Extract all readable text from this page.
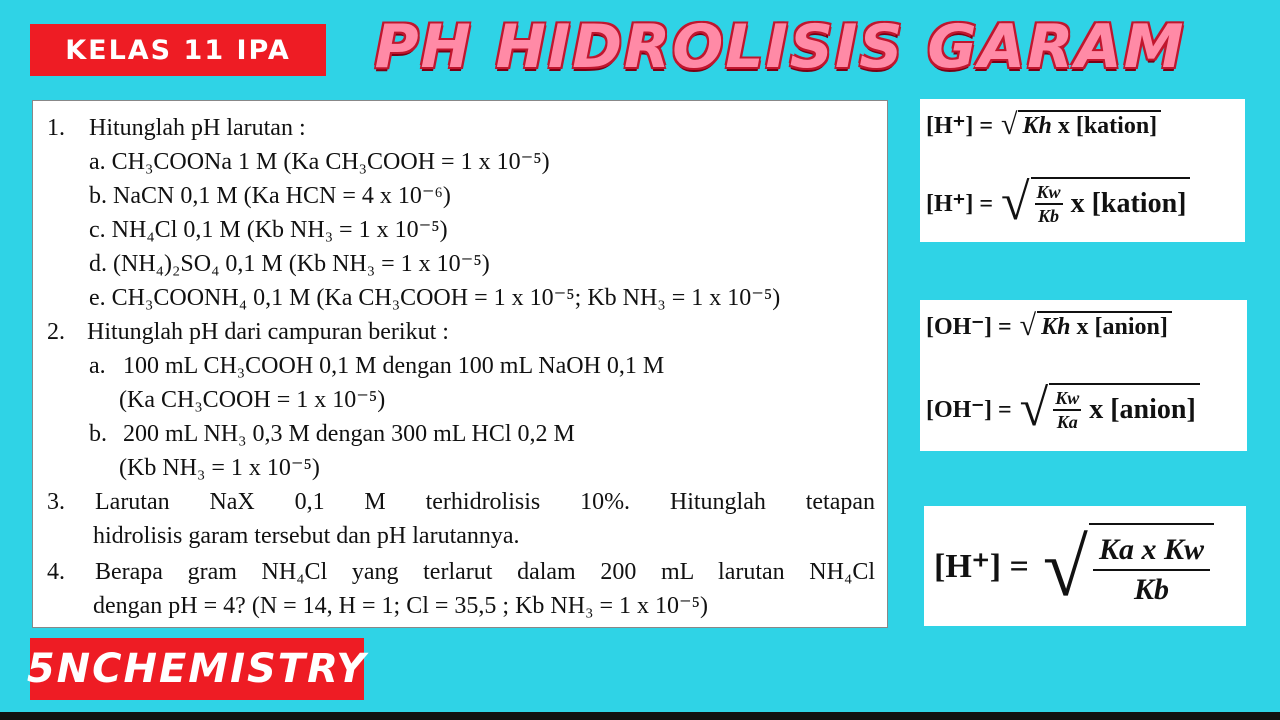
KELAS 11 IPA	PH HIDROLISIS GARAM
1. Hitunglah pH larutan :
a. CH₃COONa 1 M (Ka CH₃COOH = 1 x 10⁻⁵)
b. NaCN 0,1 M (Ka HCN = 4 x 10⁻⁶)
c. NH₄Cl 0,1 M (Kb NH₃ = 1 x 10⁻⁵)
d. (NH₄)₂SO₄ 0,1 M (Kb NH₃ = 1 x 10⁻⁵)
e. CH₃COONH₄ 0,1 M (Ka CH₃COOH = 1 x 10⁻⁵; Kb NH₃ = 1 x 10⁻⁵)
2. Hitunglah pH dari campuran berikut :
a. 100 mL CH₃COOH 0,1 M dengan 100 mL NaOH 0,1 M
(Ka CH₃COOH = 1 x 10⁻⁵)
b. 200 mL NH₃ 0,3 M dengan 300 mL HCl 0,2 M
(Kb NH₃ = 1 x 10⁻⁵)
3. Larutan NaX 0,1 M terhidrolisis 10%. Hitunglah tetapan
hidrolisis garam tersebut dan pH larutannya.
4. Berapa gram NH₄Cl yang terlarut dalam 200 mL larutan NH₄Cl
dengan pH = 4? (N = 14, H = 1; Cl = 35,5 ; Kb NH₃ = 1 x 10⁻⁵)
[H⁺] = √ Kh
x [kation]
[H⁺] = √ $\frac{Kw}{Kb}$ x [kation]
[OH⁻] = √ Kh
x [anion]
[OH⁻] = √ $\frac{Kw}{Ka}$ x [anion]
[H⁺] = √ $\frac{\text{Ka x Kw}}{Kb}$
5NCHEMISTRY
